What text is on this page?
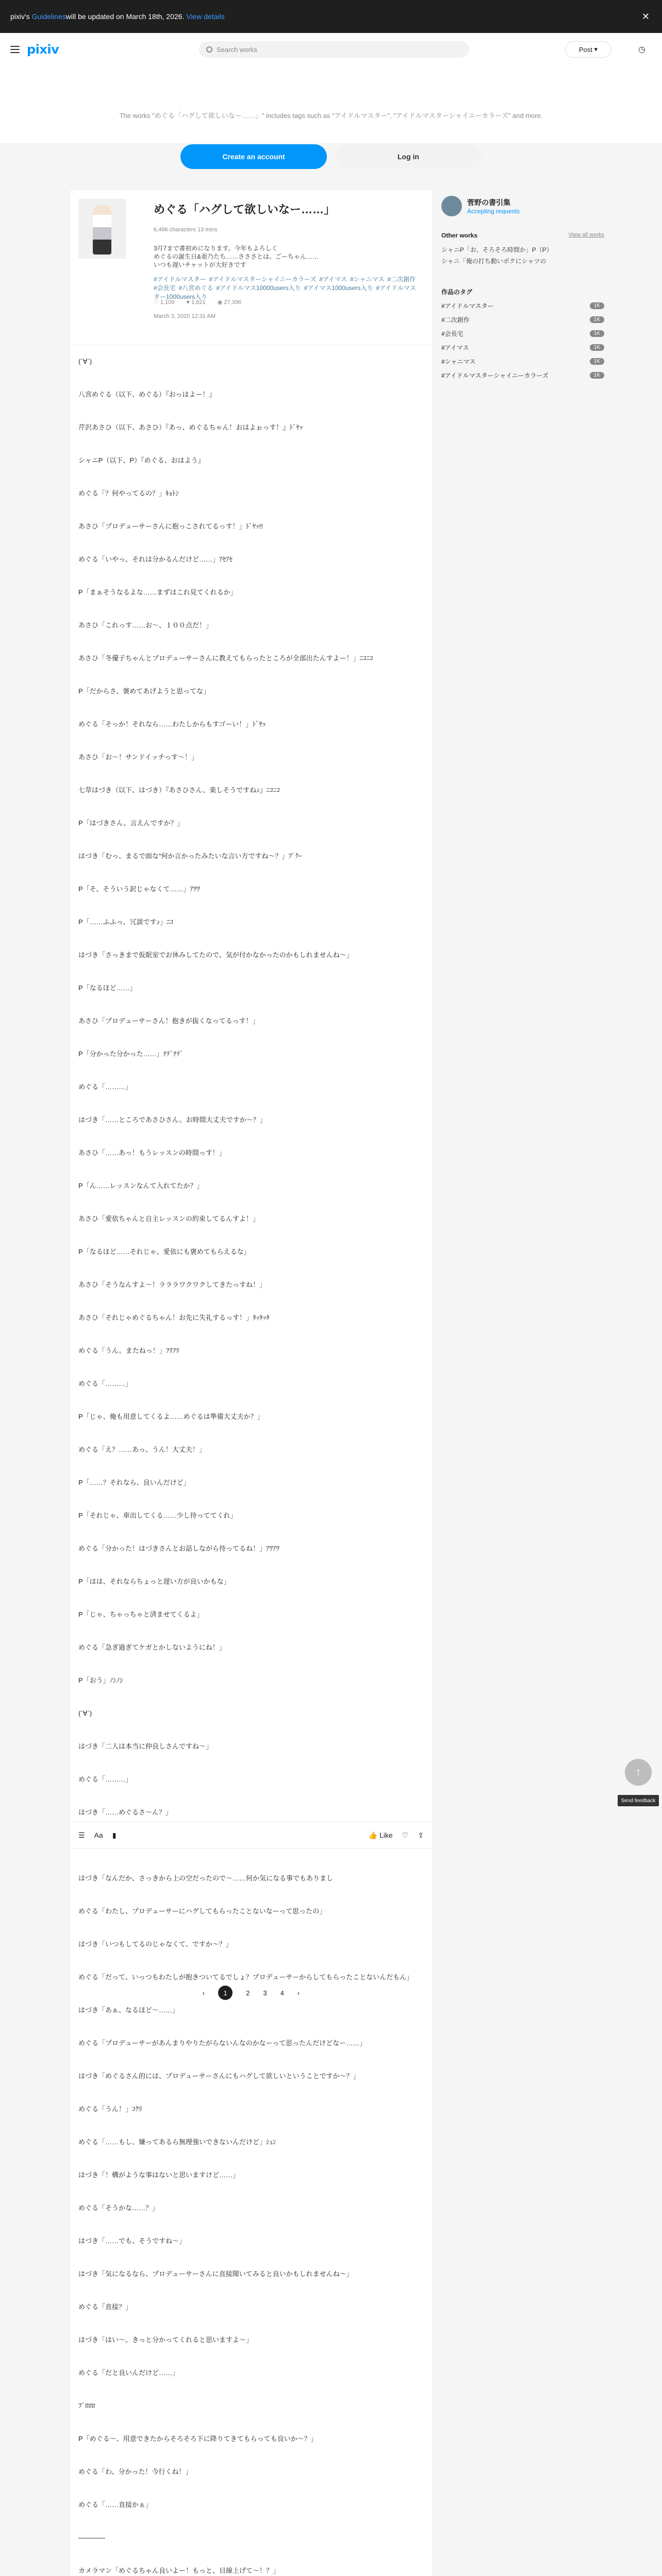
pixiv's
Guidelines will be updated on March 18th, 2026.
View details	✕
pixiv	Search works	Post ▾	◷

The works "めぐる「ハグして欲しいなー……」" includes tags such as "アイドルマスター", "アイドルマスターシャイニーカラーズ" and more.

Create an account	Log in
めぐる「ハグして欲しいなー……」
6,496 characters 13 mins
3月7まで書初めになります。今年もよろしく
めぐるの誕生日&亜乃たち……さささとは、ごーちゃん……
いつも遅いチャットが大好きです
#アイドルマスター #アイドルマスターシャイニーカラーズ #アイマス #シャニマス #二次創作#会長宅 #八宮めぐる #アイドルマス10000users入り #アイマス1000users入り #アイドルマスター1000users入り
♡ 1,109 ♥ 1,621 ◉ 27,396
March 3, 2020 12:31 AM
(´∀`)
八宮めぐる（以下、めぐる）『おっはよー！』
芹沢あさひ（以下、あさひ）『あっ、めぐるちゃん！おはよぉっす！』ﾄﾞﾔｯ
シャニP（以下、P）『めぐる、おはよう』
めぐる「？何やってるの？」ｷｮﾄﾝ
あさひ「プロデューサーさんに抱っこされてるっす！」ﾄﾞﾔｯ!!
めぐる「いやっ、それは分かるんだけど……」ｱｾｱｾ
P「まぁそうなるよな……まずはこれ見てくれるか」
あさひ「これっす……お〜、１００点だ！」
あさひ「冬優子ちゃんとプロデューサーさんに教えてもらったところが全部出たんすよー！」ﾆｺﾆｺ
P「だからさ、褒めてあげようと思ってな」
めぐる「そっか！それなら……わたしからもすゴーい！」ﾄﾞﾔｯ
あさひ「お〜！サンドイッチっす〜！」
七草はづき（以下、はづき）『あさひさん、楽しそうですね♪』ﾆｺﾆｺ
P「はづきさん、言えんですか？」
はづき「むっ、まるで面な"何か言かったみたいな言い方ですね〜？」ﾌﾟｸｰ
P「そ、そういう訳じゃなくて……」ｱﾜﾜ
P「……ふふっ、冗談です♪」ﾆｺ
はづき「さっきまで仮眠室でお休みしてたので、気が付かなかったのかもしれませんね〜」
P「なるほど……」
あさひ「プロデューサーさん！抱きが抜くなってるっす！」
P「分かった分かった……」ﾅﾃﾞﾅﾃﾞ
めぐる「………」
はづき「……ところであさひさん。お時間大丈夫ですか〜？」
あさひ「……あっ！もうレッスンの時間っす！」
P「ん……レッスンなんて入れてたか？」
あさひ「愛依ちゃんと自主レッスンの約束してるんすよ！」
P「なるほど……それじゃ、愛依にも褒めてもらえるな」
あさひ「そうなんすよ〜！ラララワクワクしてきたっすね！」
あさひ「それじゃめぐるちゃん！お先に失礼するっす！」ﾀｯﾀｯﾀ
めぐる「うん。またねっ！」ﾌﾘﾌﾘ
めぐる「………」
P「じゃ、俺も用意してくるよ……めぐるは準備大丈夫か？」
めぐる「え？……あっ、うん！大丈夫！」
P「……？それなら、良いんだけど」
P「それじゃ、車出してくる……少し待っててくれ」
めぐる「分かった！はづきさんとお話しながら待ってるね！」ｱﾜｱﾜ
P「はは、それならちょっと遅い方が良いかもな」
P「じゃ、ちゃっちゃと済ませてくるよ」
めぐる「急ぎ過ぎてケガとかしないようにね！」
P「おう」ﾉｼﾉｼ
(´∀`)
はづき「二人は本当に仲良しさんですね〜」
めぐる「………」
はづき「……めぐるさ〜ん？」
はづき「なんだか、さっきから上の空だったので〜……何か気になる事でもありまし
めぐる「わたし、プロデューサーにハグしてもらったことないなーって思ったの」
はづき「いつもしてるのじゃなくて、ですか〜？」
めぐる「だって、いっつもわたしが抱きついてるでしょ？プロデューサーからしてもらったことないんだもん」
はづき「あぁ、なるほど〜……」
めぐる「プロデューサーがあんまりやりたがらないんなのかなーって思ったんだけどなー……」
はづき「めぐるさん的には、プロデューサーさんにもハグして欲しいということですか〜？」
めぐる「うん！」ｺｸﾘ
めぐる「……もし、嫌ってあるら無理強いできないんだけど」ｼｭﾝ
はづき「！構がような事はないと思いますけど……」
めぐる「そうかな……？」
はづき「……でも、そうですね〜」
はづき「気になるなら、プロデューサーさんに直接聞いてみると良いかもしれませんね〜」
めぐる「直接？」
はづき「はい〜。きっと分かってくれると思いますよ〜」
めぐる「だと良いんだけど……」
ﾌﾞﾛﾛﾛ
P「めぐる〜、用意できたからそろそろ下に降りてきてもらっても良いか〜？」
めぐる「わ、分かった！今行くね！」
めぐる「……直接かぁ」
――――
カメラマン「めぐるちゃん良いよー！もっと、目線上げて〜！？」
‹	1	2 3 4 ›
☰ Aa ▮	👍 Like ♡ ⇪
↑
Send feedback
菅野の書引集
Accepting requests
Other works	View all works
シャニP「お、そろそろ時間か」P（P）
シャニ「俺の打ち動いボクにシャツの
作品のタグ
#アイドルマスター	1K
#二次創作	1K
#会長宅	1K
#アイマス	1K
#シャニマス	1K
#アイドルマスターシャイニーカラーズ	1K
